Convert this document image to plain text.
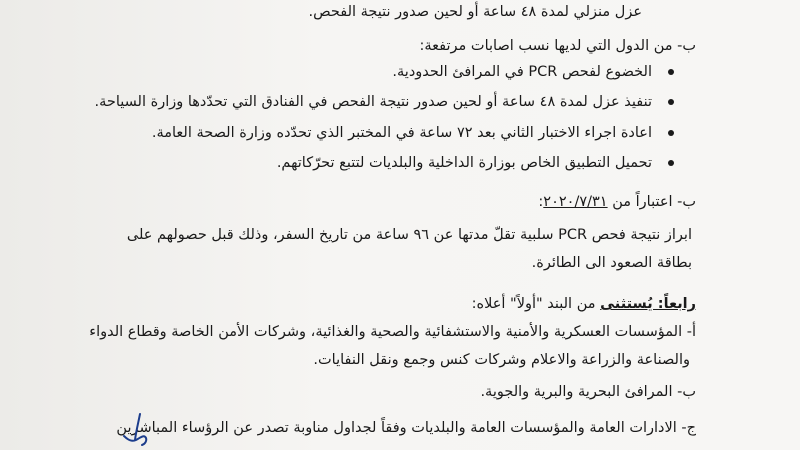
عزل منزلي لمدة ٤٨ ساعة أو لحين صدور نتيجة الفحص.
ب- من الدول التي لديها نسب اصابات مرتفعة:
الخضوع لفحص PCR في المرافئ الحدودية.
تنفيذ عزل لمدة ٤٨ ساعة أو لحين صدور نتيجة الفحص في الفنادق التي تحدّدها وزارة السياحة.
اعادة اجراء الاختبار الثاني بعد ٧٢ ساعة في المختبر الذي تحدّده وزارة الصحة العامة.
تحميل التطبيق الخاص بوزارة الداخلية والبلديات لتتبع تحرّكاتهم.
ب- اعتباراً من ٢٠٢٠/٧/٣١:
ابراز نتيجة فحص PCR سلبية تقلّ مدتها عن ٩٦ ساعة من تاريخ السفر، وذلك قبل حصولهم على
بطاقة الصعود الى الطائرة.
رابعاً: يُستثنى من البند "أولاً" أعلاه:
أ- المؤسسات العسكرية والأمنية والاستشفائية والصحية والغذائية، وشركات الأمن الخاصة وقطاع الدواء
والصناعة والزراعة والاعلام وشركات كنس وجمع ونقل النفايات.
ب- المرافئ البحرية والبرية والجوية.
ج- الادارات العامة والمؤسسات العامة والبلديات وفقاً لجداول مناوبة تصدر عن الرؤساء المباشرين
